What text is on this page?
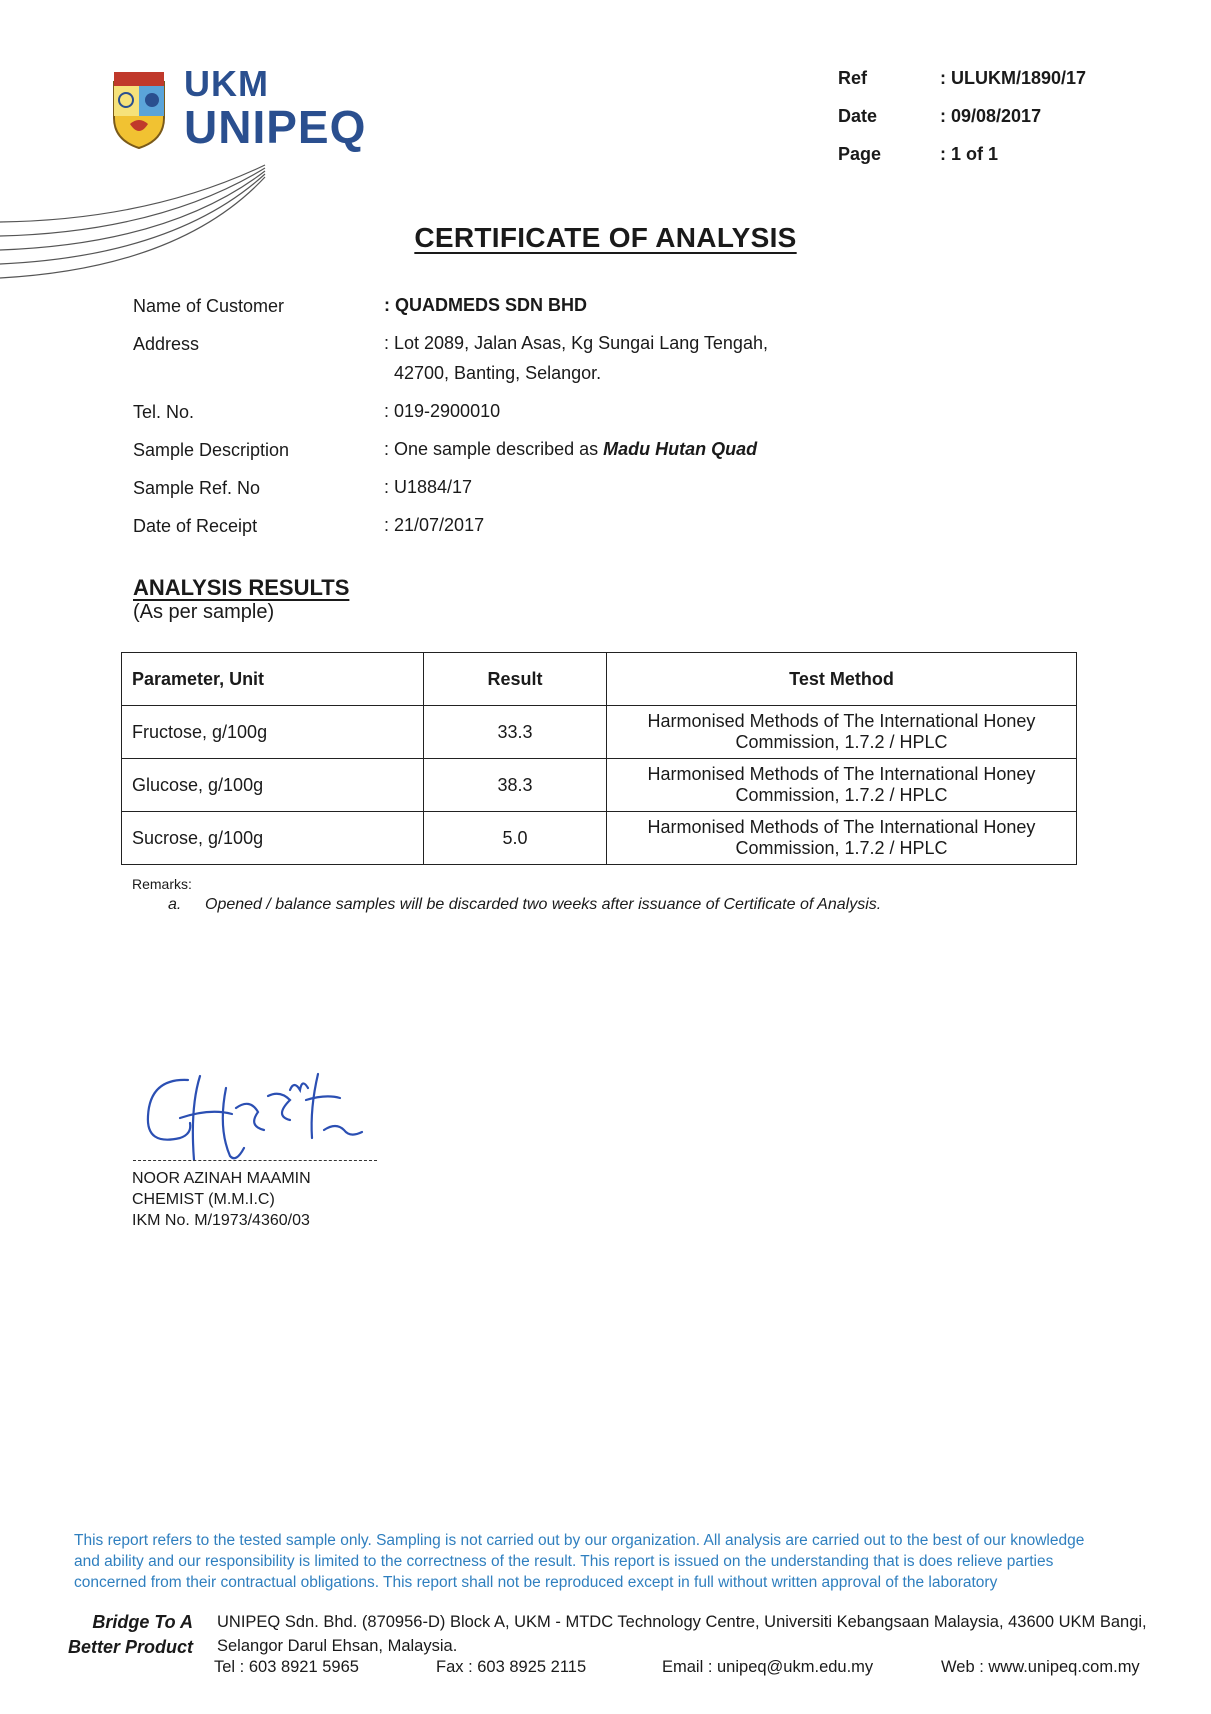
UKM
UNIPEQ
Ref	: ULUKM/1890/17
Date	: 09/08/2017
Page	: 1 of 1
CERTIFICATE OF ANALYSIS
Name of Customer	: QUADMEDS SDN BHD
Address	: Lot 2089, Jalan Asas, Kg Sungai Lang Tengah,
42700, Banting, Selangor.
Tel. No.	: 019-2900010
Sample Description	: One sample described as Madu Hutan Quad
Sample Ref. No	: U1884/17
Date of Receipt	: 21/07/2017
ANALYSIS RESULTS
(As per sample)
Parameter, Unit	Result	Test Method
Fructose, g/100g	33.3	Harmonised Methods of The International Honey
Commission, 1.7.2 / HPLC
Glucose, g/100g	38.3	Harmonised Methods of The International Honey
Commission, 1.7.2 / HPLC
Sucrose, g/100g	5.0	Harmonised Methods of The International Honey
Commission, 1.7.2 / HPLC
Remarks:
a. Opened / balance samples will be discarded two weeks after issuance of Certificate of Analysis.
NOOR AZINAH MAAMIN
CHEMIST (M.M.I.C)
IKM No. M/1973/4360/03
This report refers to the tested sample only. Sampling is not carried out by our organization. All analysis are carried out to the best of our knowledge
and ability and our responsibility is limited to the correctness of the result. This report is issued on the understanding that is does relieve parties
concerned from their contractual obligations. This report shall not be reproduced except in full without written approval of the laboratory
Bridge To A
Better Product
UNIPEQ Sdn. Bhd. (870956-D) Block A, UKM - MTDC Technology Centre, Universiti Kebangsaan Malaysia, 43600 UKM Bangi,
Selangor Darul Ehsan, Malaysia.
Tel : 603 8921 5965	Fax : 603 8925 2115	Email : unipeq@ukm.edu.my	Web : www.unipeq.com.my
